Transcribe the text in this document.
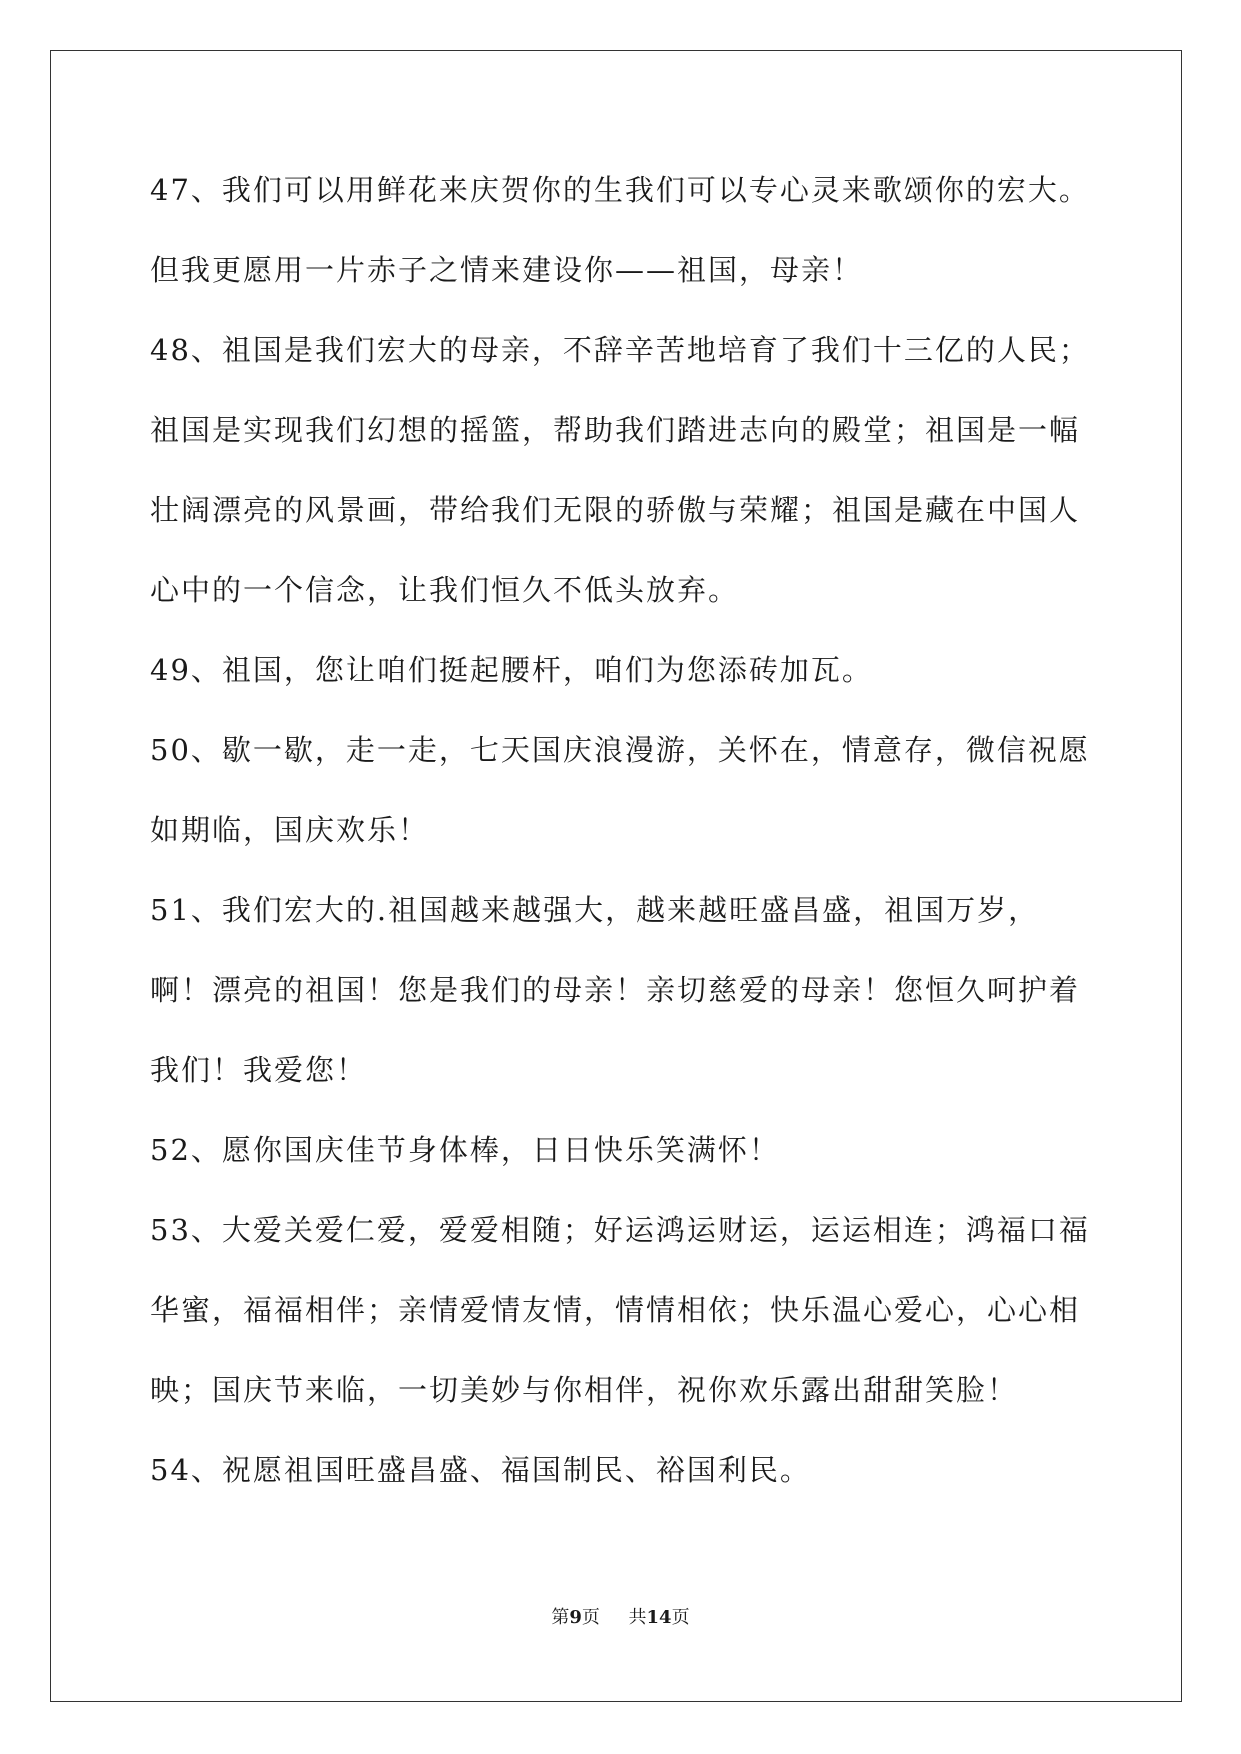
47、我们可以用鲜花来庆贺你的生我们可以专心灵来歌颂你的宏大。但我更愿用一片赤子之情来建设你——祖国，母亲！

48、祖国是我们宏大的母亲，不辞辛苦地培育了我们十三亿的人民；祖国是实现我们幻想的摇篮，帮助我们踏进志向的殿堂；祖国是一幅壮阔漂亮的风景画，带给我们无限的骄傲与荣耀；祖国是藏在中国人心中的一个信念，让我们恒久不低头放弃。

49、祖国，您让咱们挺起腰杆，咱们为您添砖加瓦。

50、歇一歇，走一走，七天国庆浪漫游，关怀在，情意存，微信祝愿如期临，国庆欢乐！

51、我们宏大的.祖国越来越强大，越来越旺盛昌盛，祖国万岁，啊！漂亮的祖国！您是我们的母亲！亲切慈爱的母亲！您恒久呵护着我们！我爱您！

52、愿你国庆佳节身体棒，日日快乐笑满怀！

53、大爱关爱仁爱，爱爱相随；好运鸿运财运，运运相连；鸿福口福华蜜，福福相伴；亲情爱情友情，情情相依；快乐温心爱心，心心相映；国庆节来临，一切美妙与你相伴，祝你欢乐露出甜甜笑脸！

54、祝愿祖国旺盛昌盛、福国制民、裕国利民。

第9页 共14页
